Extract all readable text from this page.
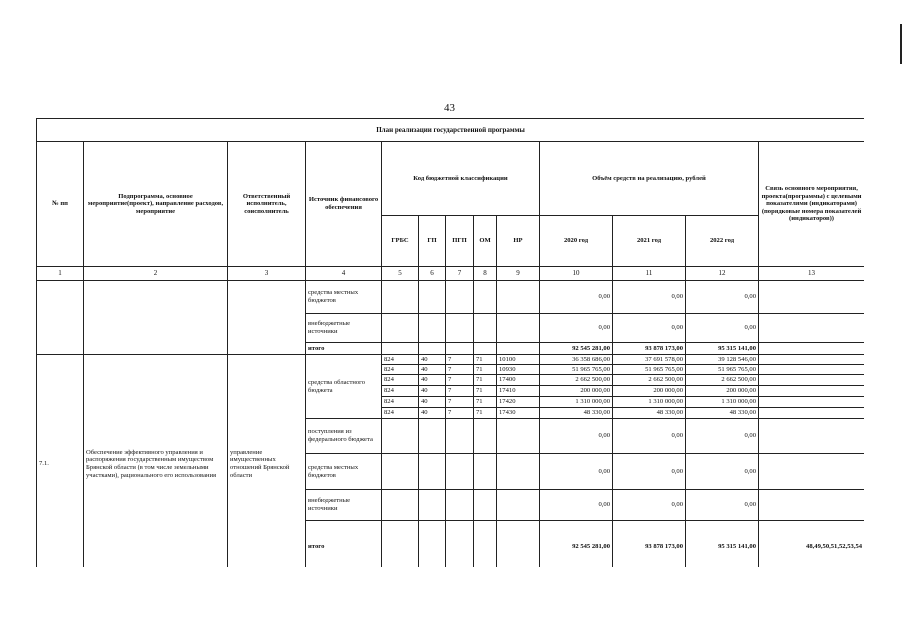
43
План реализации государственной программы												
№ пп	Подпрограмма, основное мероприятие(проект), направление расходов, мероприятие	Ответственный исполнитель, соисполнитель	Источник финансового обеспечения	Код бюджетной классификации					Объём средств на реализацию, рублей			Связь основного мероприятия, проекта(программы) с целевыми показателями (индикаторами) (порядковые номера показателей (индикаторов))
				ГРБС	ГП	ПГП	ОМ	НР	2020 год	2021 год	2022 год	
1	2	3	4	5	6	7	8	9	10	11	12	13
			средства местных бюджетов						0,00	0,00	0,00	
			внебюджетные источники						0,00	0,00	0,00	
			итого						92 545 281,00	93 878 173,00	95 315 141,00	
7.1.	Обеспечение эффективного управления и распоряжения государственным имуществом Брянской области (в том числе земельными участками), рационального его использования	управление имущественных отношений Брянской области	средства областного бюджета	824	40	7	71	10100	36 358 686,00	37 691 578,00	39 128 546,00	
				824	40	7	71	10930	51 965 765,00	51 965 765,00	51 965 765,00	
				824	40	7	71	17400	2 662 500,00	2 662 500,00	2 662 500,00	
				824	40	7	71	17410	200 000,00	200 000,00	200 000,00	
				824	40	7	71	17420	1 310 000,00	1 310 000,00	1 310 000,00	
				824	40	7	71	17430	48 330,00	48 330,00	48 330,00	
			поступления из федерального бюджета						0,00	0,00	0,00	
			средства местных бюджетов						0,00	0,00	0,00	
			внебюджетные источники						0,00	0,00	0,00	
			итого						92 545 281,00	93 878 173,00	95 315 141,00	48,49,50,51,52,53,54
